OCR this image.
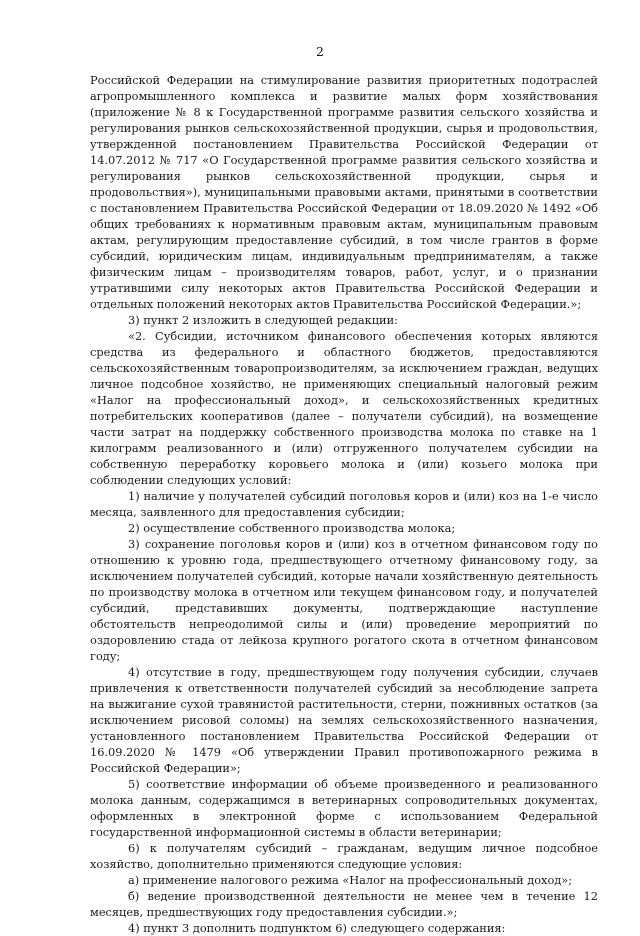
2

Российской Федерации на стимулирование развития приоритетных подотраслей агропромышленного комплекса и развитие малых форм хозяйствования (приложение № 8 к Государственной программе развития сельского хозяйства и регулирования рынков сельскохозяйственной продукции, сырья и продовольствия, утвержденной постановлением Правительства Российской Федерации от 14.07.2012 № 717 «О Государственной программе развития сельского хозяйства и регулирования рынков сельскохозяйственной продукции, сырья и продовольствия»), муниципальными правовыми актами, принятыми в соответствии с постановлением Правительства Российской Федерации от 18.09.2020 № 1492 «Об общих требованиях к нормативным правовым актам, муниципальным правовым актам, регулирующим предоставление субсидий, в том числе грантов в форме субсидий, юридическим лицам, индивидуальным предпринимателям, а также физическим лицам – производителям товаров, работ, услуг, и о признании утратившими силу некоторых актов Правительства Российской Федерации и отдельных положений некоторых актов Правительства Российской Федерации.»;

3) пункт 2 изложить в следующей редакции:

«2. Субсидии, источником финансового обеспечения которых являются средства из федерального и областного бюджетов, предоставляются сельскохозяйственным товаропроизводителям, за исключением граждан, ведущих личное подсобное хозяйство, не применяющих специальный налоговый режим «Налог на профессиональный доход», и сельскохозяйственных кредитных потребительских кооперативов (далее – получатели субсидий), на возмещение части затрат на поддержку собственного производства молока по ставке на 1 килограмм реализованного и (или) отгруженного получателем субсидии на собственную переработку коровьего молока и (или) козьего молока при соблюдении следующих условий:

1) наличие у получателей субсидий поголовья коров и (или) коз на 1-е число месяца, заявленного для предоставления субсидии;

2) осуществление собственного производства молока;

3) сохранение поголовья коров и (или) коз в отчетном финансовом году по отношению к уровню года, предшествующего отчетному финансовому году, за исключением получателей субсидий, которые начали хозяйственную деятельность по производству молока в отчетном или текущем финансовом году, и получателей субсидий, представивших документы, подтверждающие наступление обстоятельств непреодолимой силы и (или) проведение мероприятий по оздоровлению стада от лейкоза крупного рогатого скота в отчетном финансовом году;

4) отсутствие в году, предшествующем году получения субсидии, случаев привлечения к ответственности получателей субсидий за несоблюдение запрета на выжигание сухой травянистой растительности, стерни, пожнивных остатков (за исключением рисовой соломы) на землях сельскохозяйственного назначения, установленного постановлением Правительства Российской Федерации от 16.09.2020 № 1479 «Об утверждении Правил противопожарного режима в Российской Федерации»;

5) соответствие информации об объеме произведенного и реализованного молока данным, содержащимся в ветеринарных сопроводительных документах, оформленных в электронной форме с использованием Федеральной государственной информационной системы в области ветеринарии;

6) к получателям субсидий – гражданам, ведущим личное подсобное хозяйство, дополнительно применяются следующие условия:

а) применение налогового режима «Налог на профессиональный доход»;

б) ведение производственной деятельности не менее чем в течение 12 месяцев, предшествующих году предоставления субсидии.»;

4) пункт 3 дополнить подпунктом 6) следующего содержания:
